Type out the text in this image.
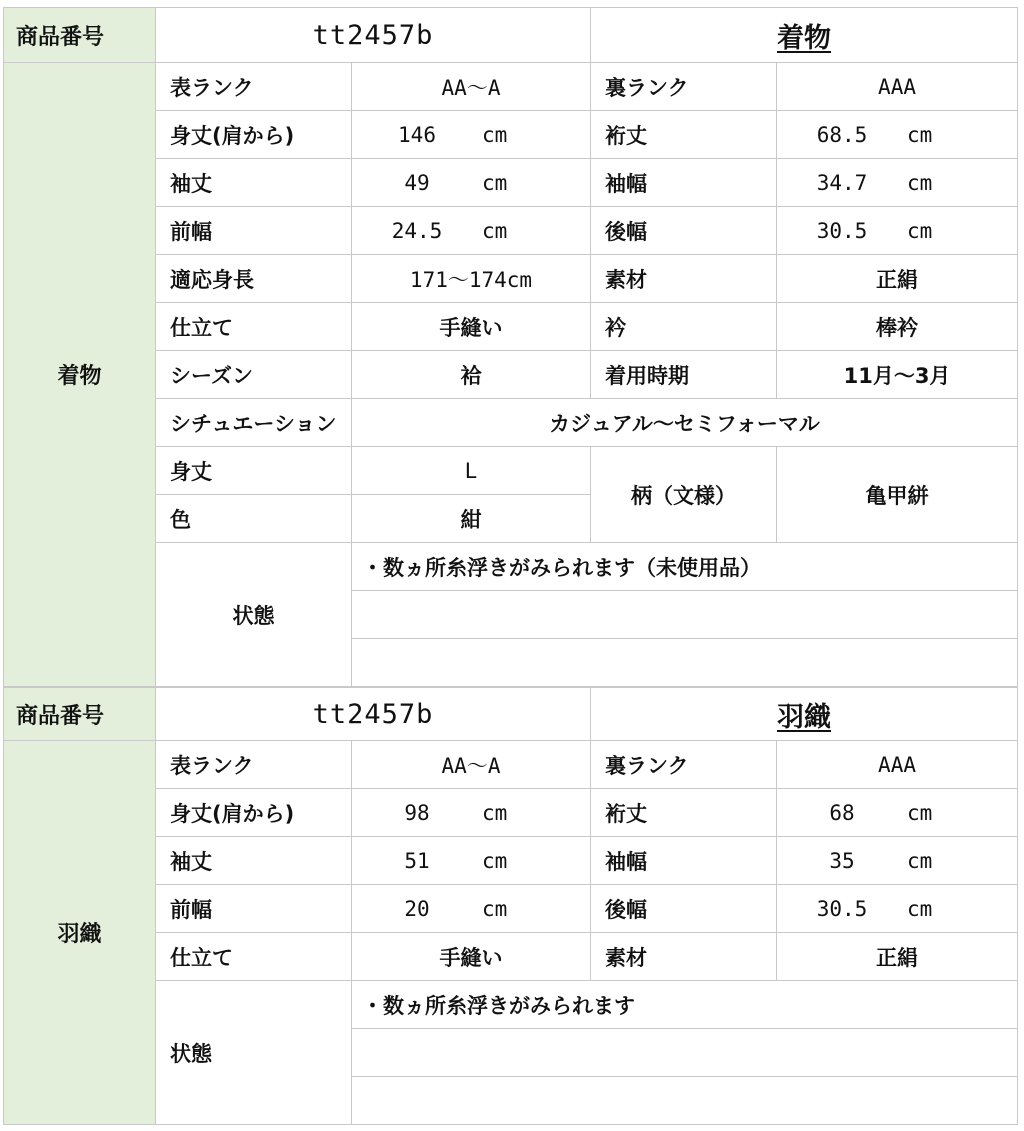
商品番号	tt2457b		着物	
着物	表ランク	AA～A	裏ランク	AAA
	身丈(肩から)	146 cm	裄丈	68.5 cm
	袖丈	49 cm	袖幅	34.7 cm
	前幅	24.5 cm	後幅	30.5 cm
	適応身長	171～174cm	素材	正絹
	仕立て	手縫い	衿	棒衿
	シーズン	袷	着用時期	11月～3月
	シチュエーション	カジュアル～セミフォーマル		
	身丈	L	柄（文様）	亀甲絣
	色	紺		
	状態	・数ヵ所糸浮きがみられます（未使用品）		

商品番号	tt2457b		羽織	
羽織	表ランク	AA～A	裏ランク	AAA
	身丈(肩から)	98 cm	裄丈	68 cm
	袖丈	51 cm	袖幅	35 cm
	前幅	20 cm	後幅	30.5 cm
	仕立て	手縫い	素材	正絹
	状態	・数ヵ所糸浮きがみられます		
